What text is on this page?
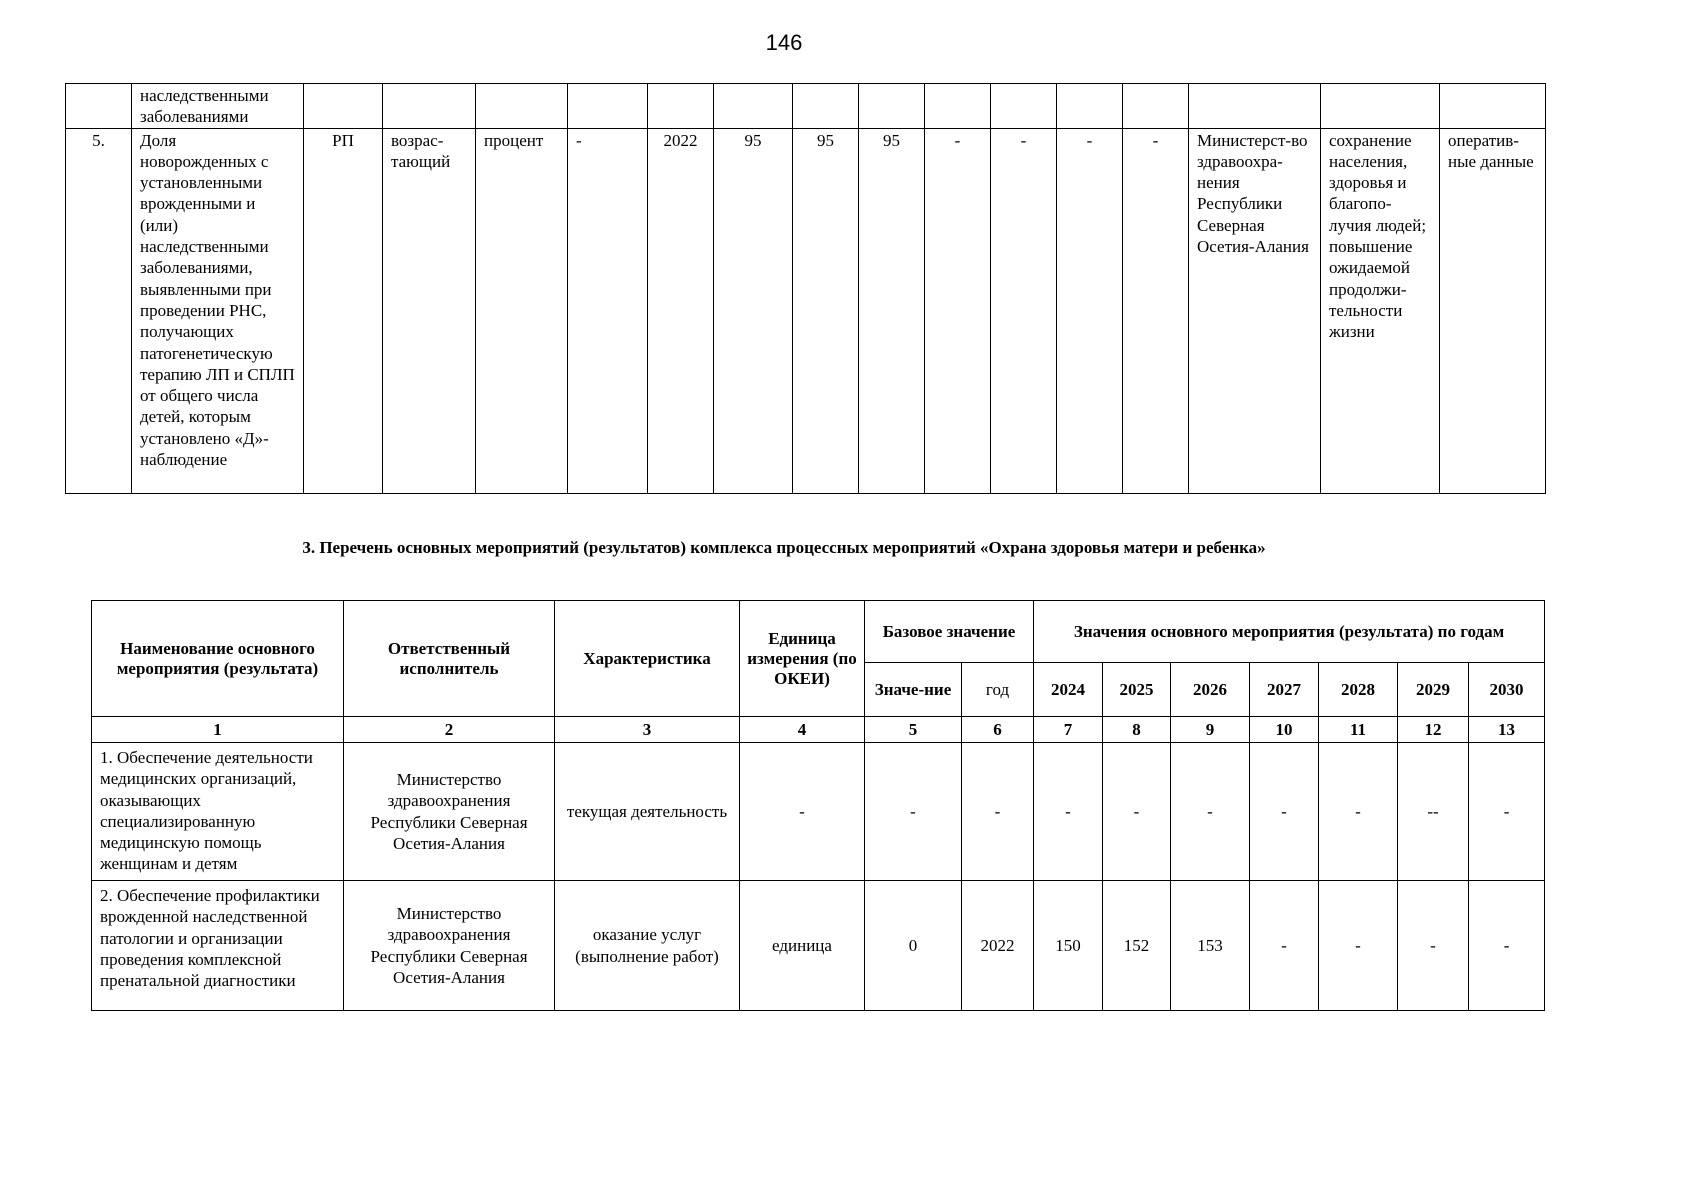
146
	наследственными заболеваниями															
5.	Доля новорожденных с установленными врожденными и (или) наследственными заболеваниями, выявленными при проведении РНС, получающих патогенетическую терапию ЛП и СПЛП от общего числа детей, которым установлено «Д»-наблюдение	РП	возрас-тающий	процент	-	2022	95	95	95	-	-	-	-	Министерст-во здравоохра-нения Республики Северная Осетия-Алания	сохранение населения, здоровья и благопо-лучия людей; повышение ожидаемой продолжи-тельности жизни	оператив-ные данные
3. Перечень основных мероприятий (результатов) комплекса процессных мероприятий «Охрана здоровья матери и ребенка»
Наименование основного мероприятия (результата)	Ответственный исполнитель	Характеристика	Единица измерения (по ОКЕИ)	Базовое значение		Значения основного мероприятия (результата) по годам						
				Значе-ние	год	2024	2025	2026	2027	2028	2029	2030
1	2	3	4	5	6	7	8	9	10	11	12	13
1. Обеспечение деятельности медицинских организаций, оказывающих специализированную медицинскую помощь женщинам и детям	Министерство здравоохранения Республики Северная Осетия-Алания	текущая деятельность	-	-	-	-	-	-	-	-	--	-
2. Обеспечение профилактики врожденной наследственной патологии и организации проведения комплексной пренатальной диагностики	Министерство здравоохранения Республики Северная Осетия-Алания	оказание услуг (выполнение работ)	единица	0	2022	150	152	153	-	-	-	-
